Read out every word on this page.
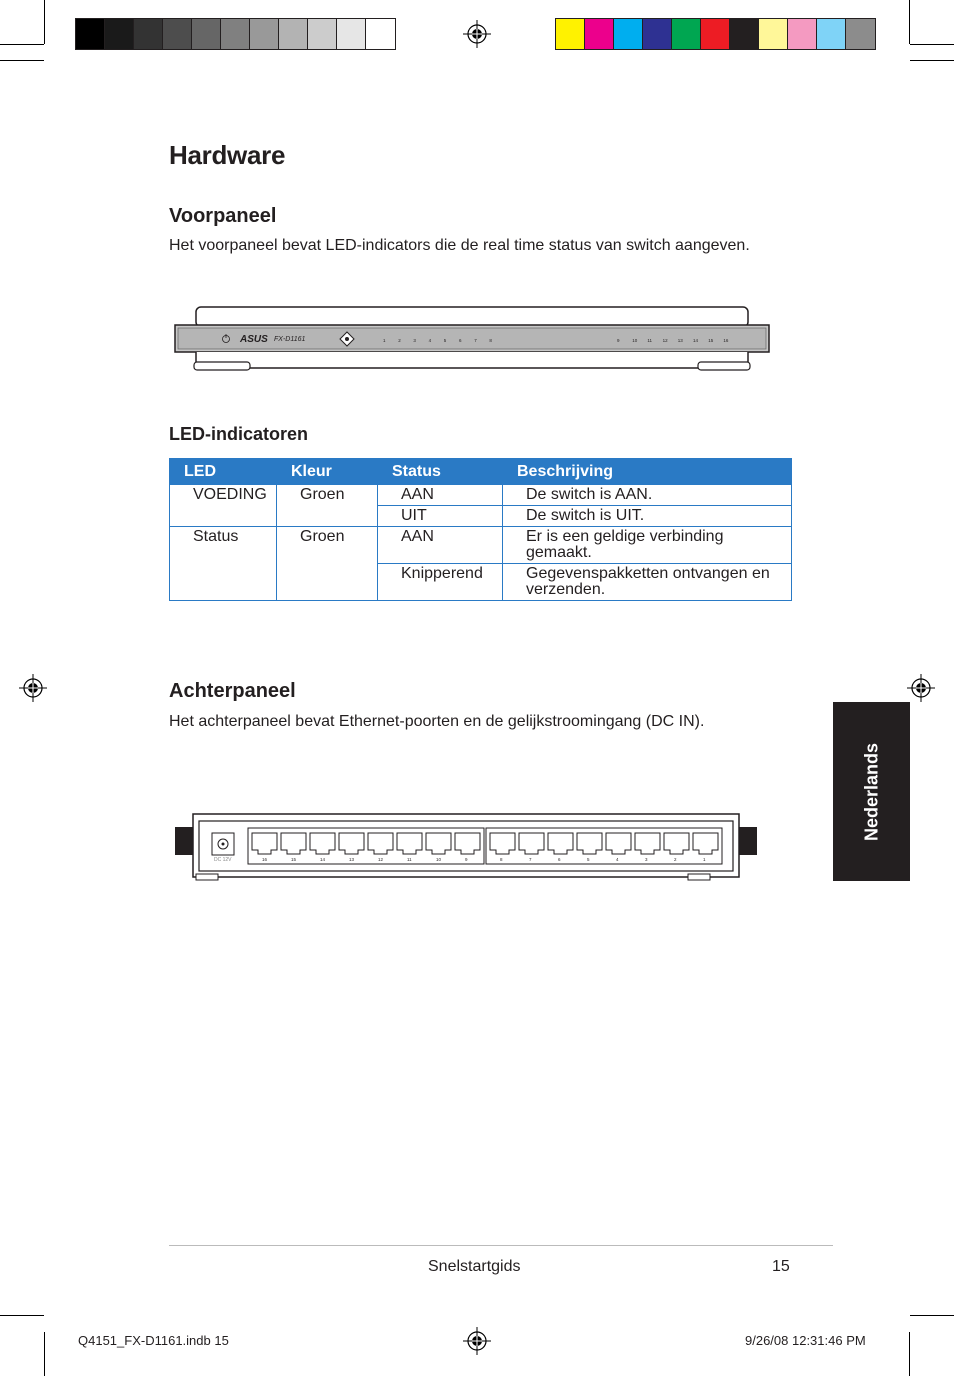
Hardware
Voorpaneel

Het voorpaneel bevat LED-indicators die de real time status van switch aangeven.

ASUS FX-D1161	1	2	3	4	5	6	7	8	9	10 11 12 13 14 15 16
LED-indicatoren
LED	Kleur	Status	Beschrijving
VOEDING	Groen	AAN	De switch is AAN.
		UIT	De switch is UIT.
Status	Groen	AAN	Er is een geldige verbinding gemaakt.
		Knipperend	Gegevenspakketten ontvangen en verzenden.
Achterpaneel

Het achterpaneel bevat Ethernet-poorten en de gelijkstroomingang (DC IN).

DC 12V	16	15	14	13	12	11	10	9	8	7	6	5	4	3	2	1
Nederlands
Snelstartgids	15
Q4151_FX-D1161.indb 15	9/26/08 12:31:46 PM
